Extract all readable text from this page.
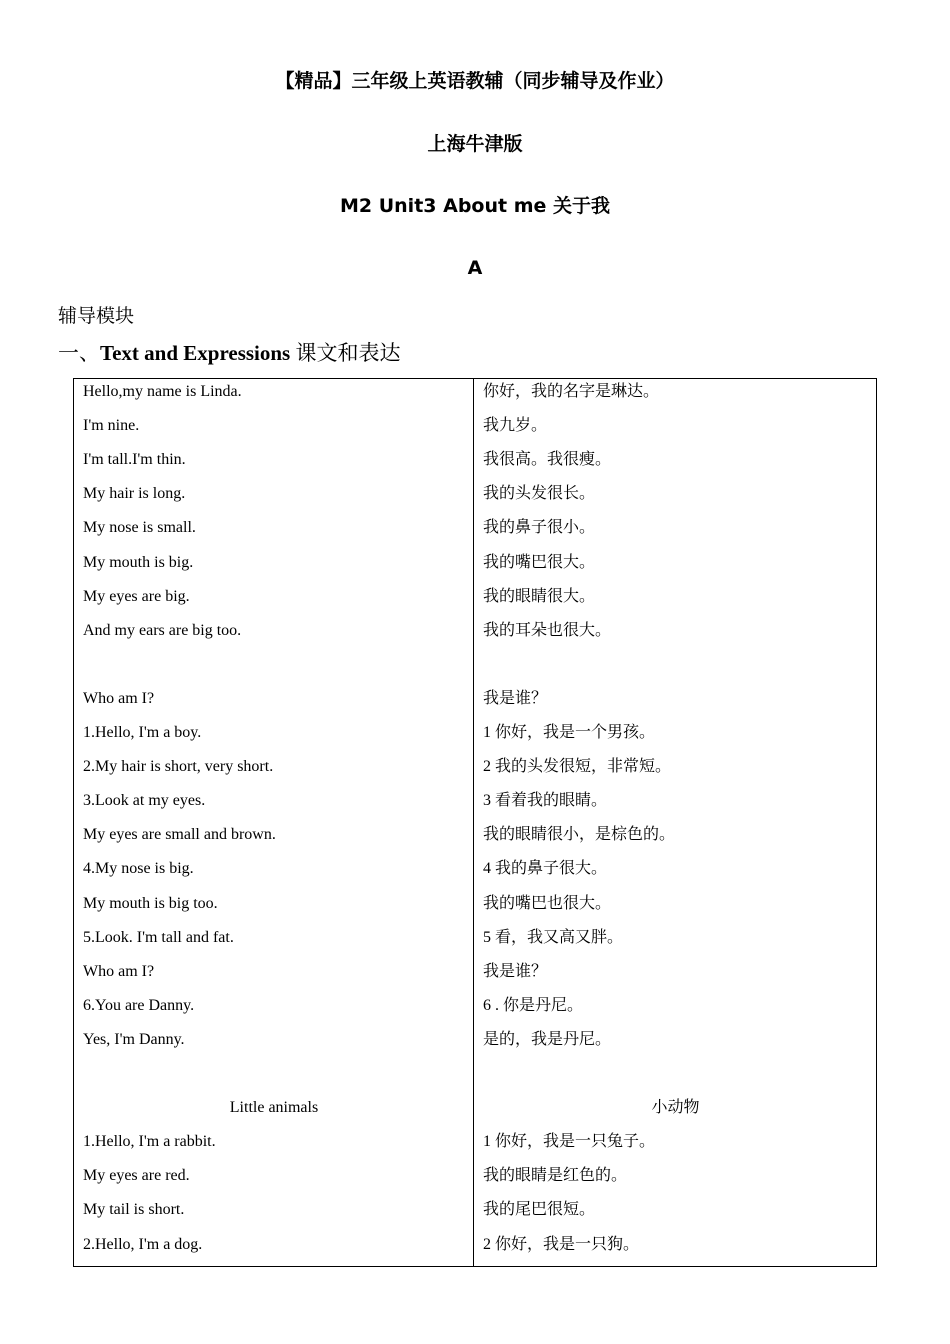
【精品】三年级上英语教辅（同步辅导及作业）
上海牛津版
M2 Unit3 About me 关于我
A
辅导模块
一、Text and Expressions 课文和表达
Hello,my name is Linda.
I'm nine.
I'm tall.I'm thin.
My hair is long.
My nose is small.
My mouth is big.
My eyes are big.
And my ears are big too.
Who am I?
1.Hello, I'm a boy.
2.My hair is short, very short.
3.Look at my eyes.
My eyes are small and brown.
4.My nose is big.
My mouth is big too.
5.Look. I'm tall and fat.
Who am I?
6.You are Danny.
Yes, I'm Danny.
Little animals
1.Hello, I'm a rabbit.
My eyes are red.
My tail is short.
2.Hello, I'm a dog.
你好，我的名字是琳达。
我九岁。
我很高。我很瘦。
我的头发很长。
我的鼻子很小。
我的嘴巴很大。
我的眼睛很大。
我的耳朵也很大。
我是谁？
1 你好，我是一个男孩。
2 我的头发很短，非常短。
3 看着我的眼睛。
我的眼睛很小，是棕色的。
4 我的鼻子很大。
我的嘴巴也很大。
5 看，我又高又胖。
我是谁？
6 . 你是丹尼。
是的，我是丹尼。
小动物
1 你好，我是一只兔子。
我的眼睛是红色的。
我的尾巴很短。
2 你好，我是一只狗。
